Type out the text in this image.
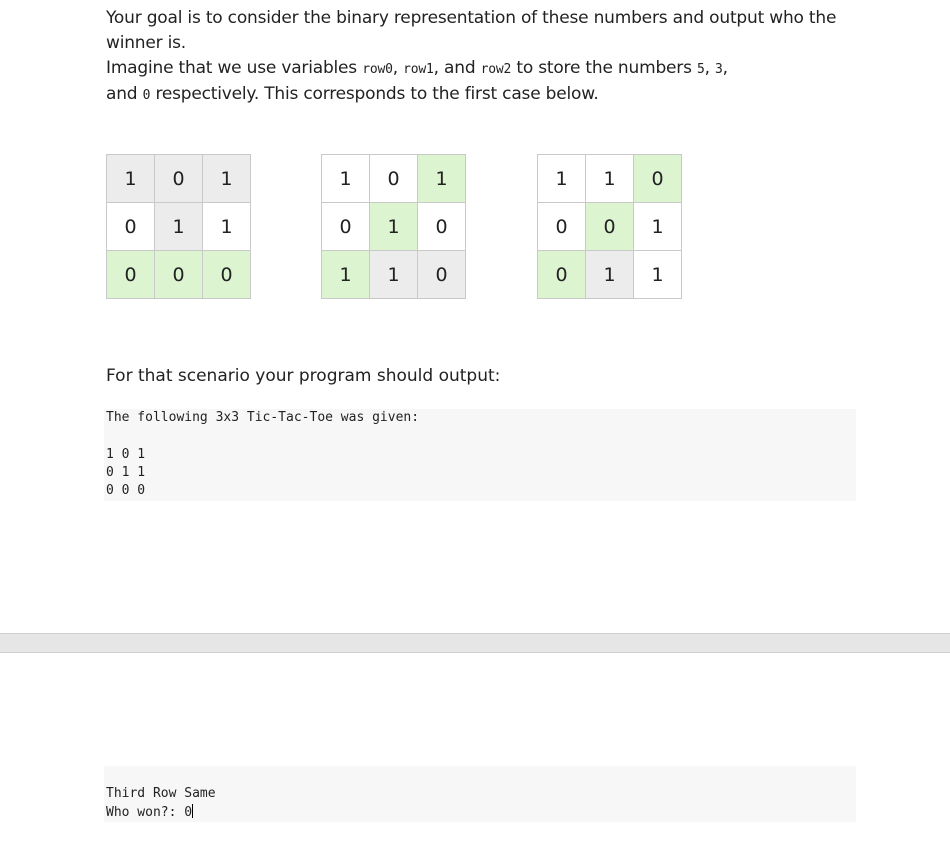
Your goal is to consider the binary representation of these numbers and output who the winner is.

Imagine that we use variables row0, row1, and row2 to store the numbers 5, 3,
and 0 respectively. This corresponds to the first case below.

1	0	1
0	1	1
0	0	0
1	0	1
0	1	0
1	1	0
1	1	0
0	0	1
0	1	1

For that scenario your program should output:

The following 3x3 Tic-Tac-Toe was given:
1 0 1
0 1 1
0 0 0
Third Row Same
Who won?: 0
